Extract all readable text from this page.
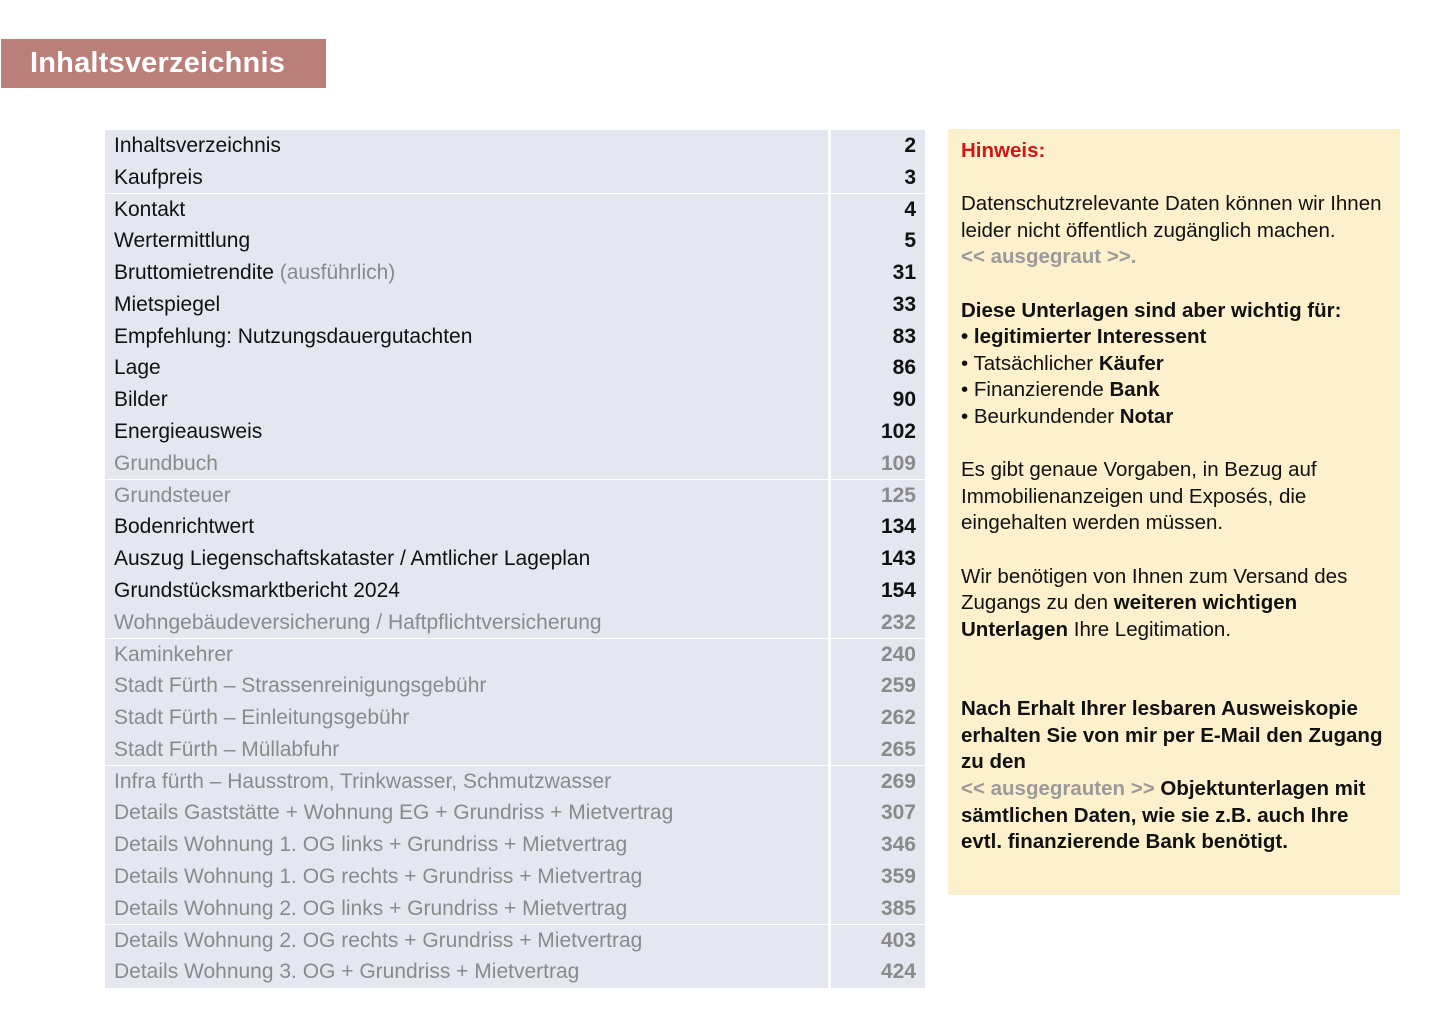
Inhaltsverzeichnis
Inhaltsverzeichnis	2
Kaufpreis	3
Kontakt	4
Wertermittlung	5
Bruttomietrendite (ausführlich)	31
Mietspiegel	33
Empfehlung: Nutzungsdauergutachten	83
Lage	86
Bilder	90
Energieausweis	102
Grundbuch	109
Grundsteuer	125
Bodenrichtwert	134
Auszug Liegenschaftskataster / Amtlicher Lageplan	143
Grundstücksmarktbericht 2024	154
Wohngebäudeversicherung / Haftpflichtversicherung	232
Kaminkehrer	240
Stadt Fürth – Strassenreinigungsgebühr	259
Stadt Fürth – Einleitungsgebühr	262
Stadt Fürth – Müllabfuhr	265
Infra fürth – Hausstrom, Trinkwasser, Schmutzwasser	269
Details Gaststätte + Wohnung EG + Grundriss + Mietvertrag	307
Details Wohnung 1. OG links + Grundriss + Mietvertrag	346
Details Wohnung 1. OG rechts + Grundriss + Mietvertrag	359
Details Wohnung 2. OG links + Grundriss + Mietvertrag	385
Details Wohnung 2. OG rechts + Grundriss + Mietvertrag	403
Details Wohnung 3. OG + Grundriss + Mietvertrag	424

Hinweis:

Datenschutzrelevante Daten können wir Ihnen leider nicht öffentlich zugänglich machen.
<< ausgegraut >>.

Diese Unterlagen sind aber wichtig für:

• legitimierter Interessent

• Tatsächlicher Käufer

• Finanzierende Bank

• Beurkundender Notar

Es gibt genaue Vorgaben, in Bezug auf Immobilienanzeigen und Exposés, die eingehalten werden müssen.

Wir benötigen von Ihnen zum Versand des Zugangs zu den weiteren wichtigen Unterlagen Ihre Legitimation.

Nach Erhalt Ihrer lesbaren Ausweiskopie erhalten Sie von mir per E-Mail den Zugang zu den
<< ausgegrauten >> Objektunterlagen mit sämtlichen Daten, wie sie z.B. auch Ihre evtl. finanzierende Bank benötigt.
